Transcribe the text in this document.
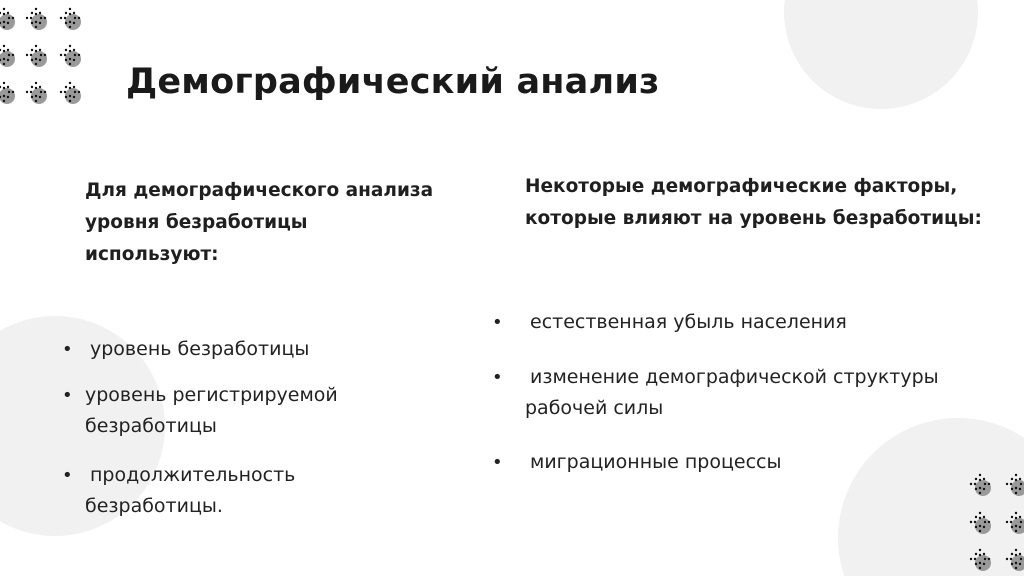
Демографический анализ
Для демографического анализа
уровня безработицы
используют:
Некоторые демографические факторы,
которые влияют на уровень безработицы:
• уровень безработицы
• уровень регистрируемой
безработицы
• продолжительность
безработицы.
• естественная убыль населения
• изменение демографической структуры
рабочей силы
• миграционные процессы
